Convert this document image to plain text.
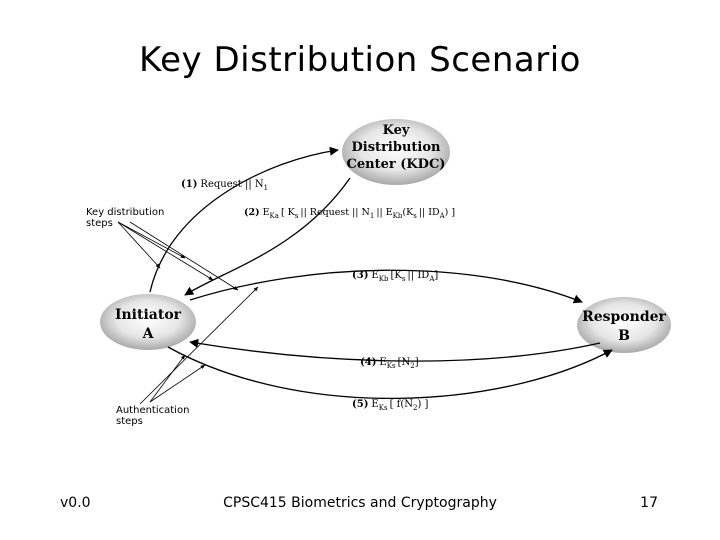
Key Distribution Scenario
Key
Distribution
Center (KDC)
Initiator
A
Responder
B
Key distribution
steps
Authentication
steps
(1) Request || $N_1$
(2) $E_{Ka}$ [ $K_s$ || Request || $N_1$ || $E_{Kb}(K_s$ || $ID_A$) ]
(3) $E_{Kb}$ [$K_s$ || $ID_A$]
(4) $E_{Ks}$ $[N_2]$
(5) $E_{Ks}$ [ $f(N_2)$ ]
v0.0	CPSC415 Biometrics and Cryptography	17
